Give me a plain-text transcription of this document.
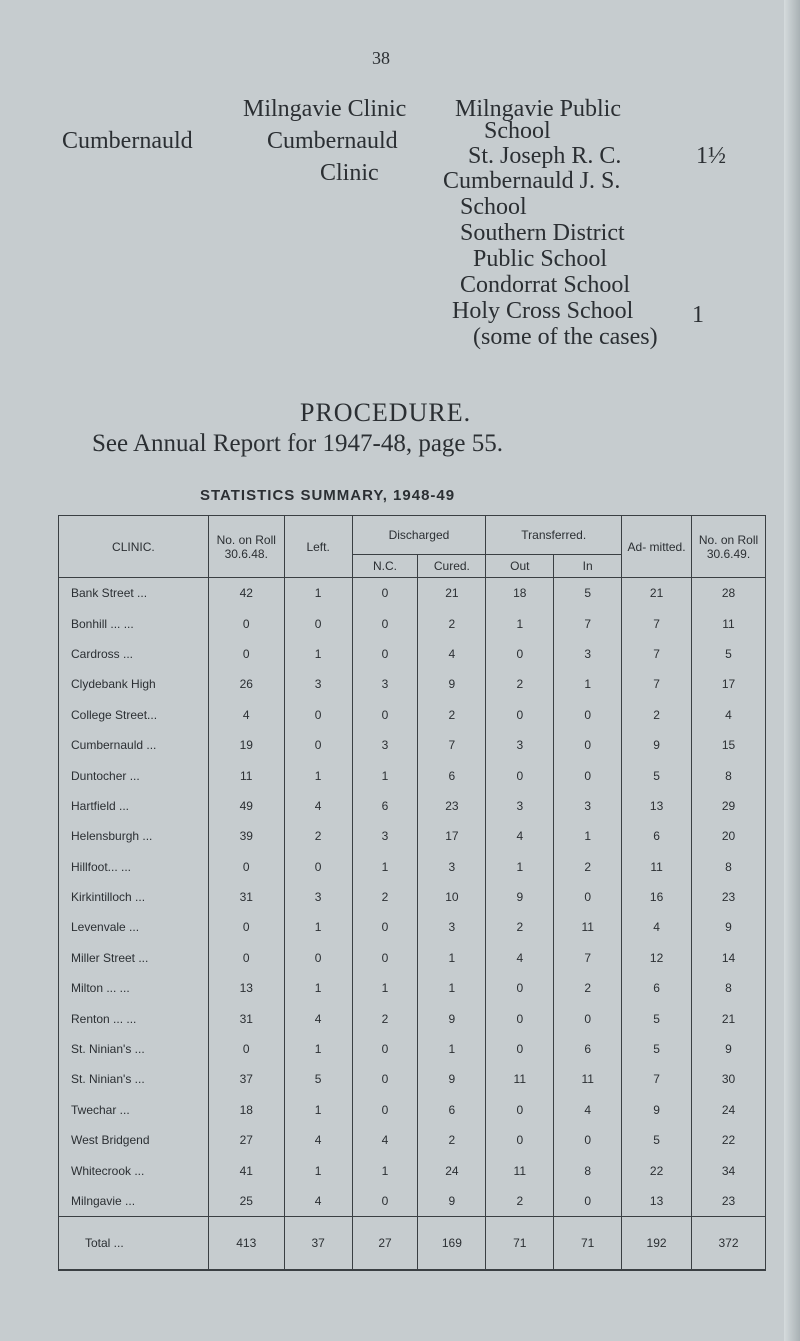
38
Cumbernauld
Milngavie Clinic
Cumbernauld
Clinic
Milngavie Public
School
St. Joseph R. C.	1½
Cumbernauld J. S.
School
Southern District
Public School
Condorrat School
Holy Cross School 1
(some of the cases)
PROCEDURE.
See Annual Report for 1947-48, page 55.
STATISTICS SUMMARY, 1948-49
CLINIC.	No. on Roll 30.6.48.	Left.	Discharged		Transferred.		Ad- mitted.	No. on Roll 30.6.49.
			N.C.	Cured.	Out	In		
Bank Street ...	42	1	0	21	18	5	21	28
Bonhill ... ...	0	0	0	2	1	7	7	11
Cardross ...	0	1	0	4	0	3	7	5
Clydebank High	26	3	3	9	2	1	7	17
College Street...	4	0	0	2	0	0	2	4
Cumbernauld ...	19	0	3	7	3	0	9	15
Duntocher ...	11	1	1	6	0	0	5	8
Hartfield ...	49	4	6	23	3	3	13	29
Helensburgh ...	39	2	3	17	4	1	6	20
Hillfoot... ...	0	0	1	3	1	2	11	8
Kirkintilloch ...	31	3	2	10	9	0	16	23
Levenvale ...	0	1	0	3	2	11	4	9
Miller Street ...	0	0	0	1	4	7	12	14
Milton ... ...	13	1	1	1	0	2	6	8
Renton ... ...	31	4	2	9	0	0	5	21
St. Ninian's ...	0	1	0	1	0	6	5	9
St. Ninian's ...	37	5	0	9	11	11	7	30
Twechar ...	18	1	0	6	0	4	9	24
West Bridgend	27	4	4	2	0	0	5	22
Whitecrook ...	41	1	1	24	11	8	22	34
Milngavie ...	25	4	0	9	2	0	13	23
Total ...	413	37	27	169	71	71	192	372
